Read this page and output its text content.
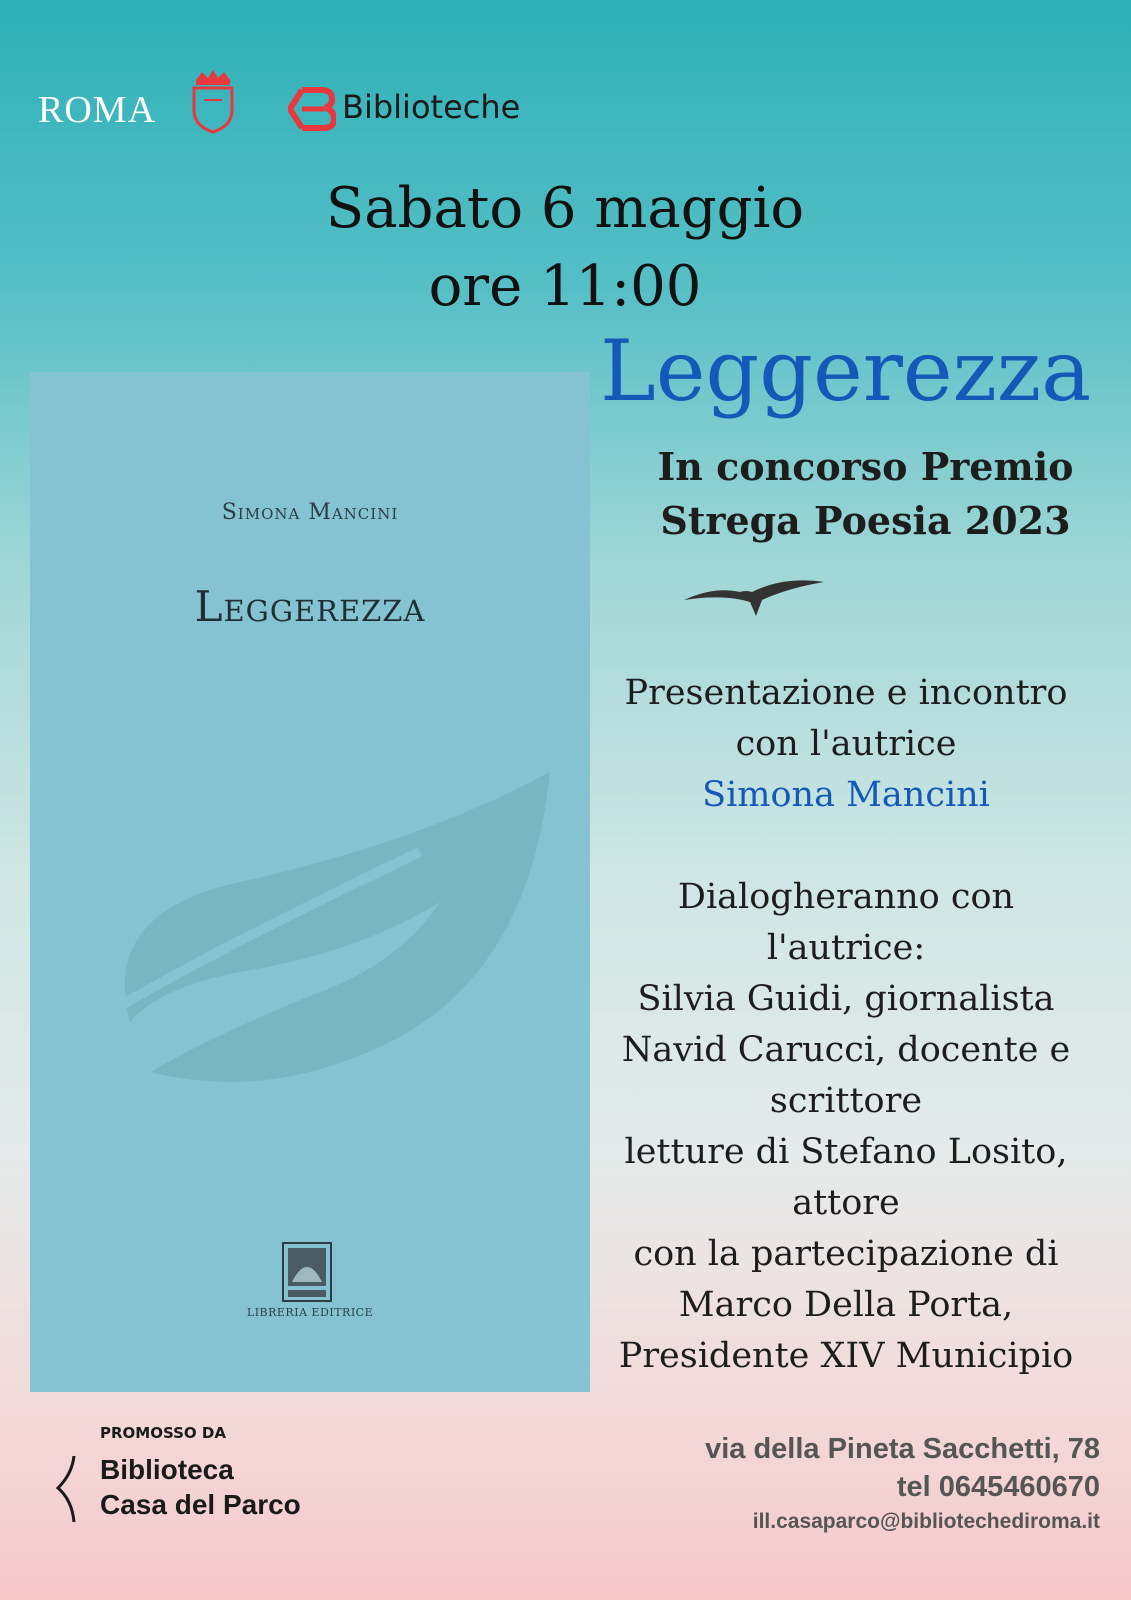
ROMA	Biblioteche
Sabato 6 maggio
ore 11:00
Leggerezza
In concorso Premio
Strega Poesia 2023
Presentazione e incontro
con l'autrice
Simona Mancini
Dialogheranno con
l'autrice:
Silvia Guidi, giornalista
Navid Carucci, docente e
scrittore
letture di Stefano Losito,
attore
con la partecipazione di
Marco Della Porta,
Presidente XIV Municipio
Simona Mancini
Leggerezza
LIBRERIA EDITRICE
PROMOSSO DA
Biblioteca
Casa del Parco
via della Pineta Sacchetti, 78
tel 0645460670
ill.casaparco@bibliotechediroma.it
